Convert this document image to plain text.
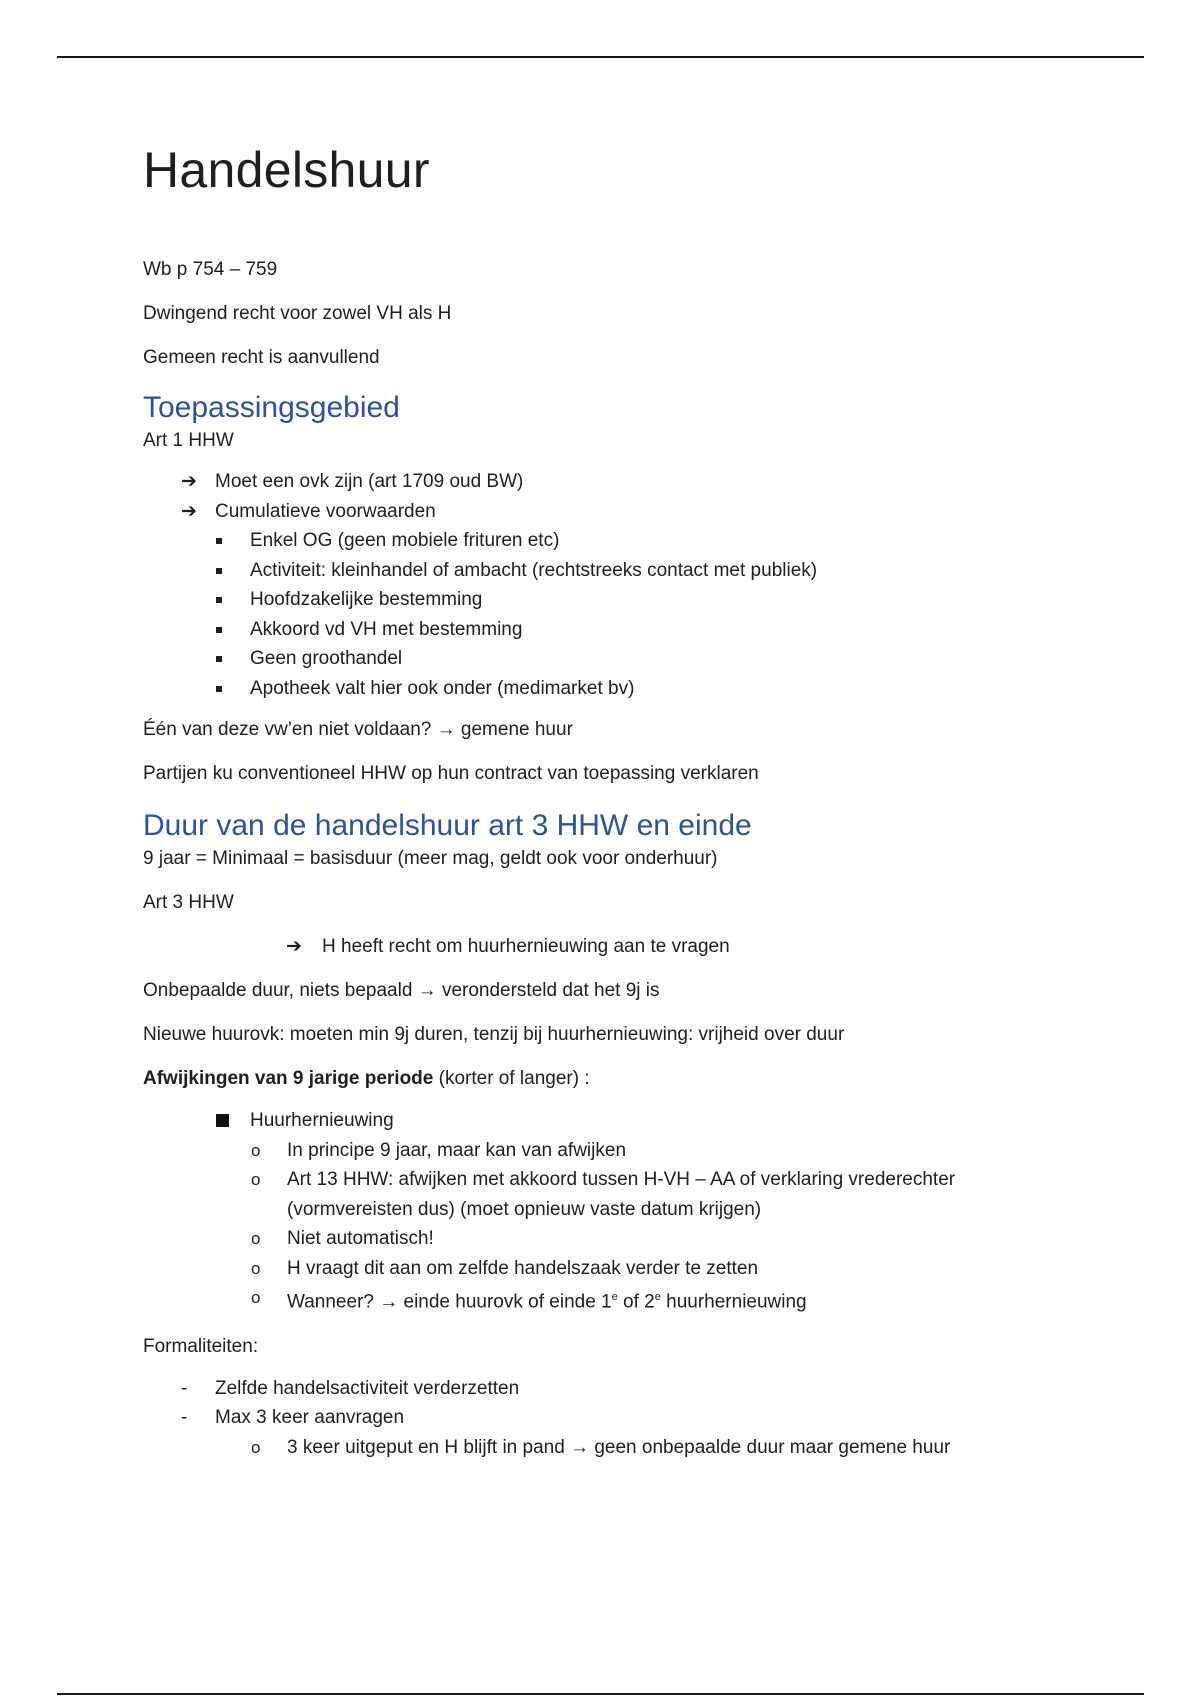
Handelshuur

Wb p 754 – 759

Dwingend recht voor zowel VH als H

Gemeen recht is aanvullend

Toepassingsgebied

Art 1 HHW

➔ Moet een ovk zijn (art 1709 oud BW)
➔ Cumulatieve voorwaarden
Enkel OG (geen mobiele frituren etc)
Activiteit: kleinhandel of ambacht (rechtstreeks contact met publiek)
Hoofdzakelijke bestemming
Akkoord vd VH met bestemming
Geen groothandel
Apotheek valt hier ook onder (medimarket bv)

Één van deze vw’en niet voldaan? → gemene huur

Partijen ku conventioneel HHW op hun contract van toepassing verklaren

Duur van de handelshuur art 3 HHW en einde

9 jaar = Minimaal = basisduur (meer mag, geldt ook voor onderhuur)

Art 3 HHW

➔ H heeft recht om huurhernieuwing aan te vragen

Onbepaalde duur, niets bepaald → verondersteld dat het 9j is

Nieuwe huurovk: moeten min 9j duren, tenzij bij huurhernieuwing: vrijheid over duur

Afwijkingen van 9 jarige periode (korter of langer) :

Huurhernieuwing
o In principe 9 jaar, maar kan van afwijken
o Art 13 HHW: afwijken met akkoord tussen H-VH – AA of verklaring vrederechter (vormvereisten dus) (moet opnieuw vaste datum krijgen)
o Niet automatisch!
o H vraagt dit aan om zelfde handelszaak verder te zetten
o Wanneer? → einde huurovk of einde 1e of 2e huurhernieuwing

Formaliteiten:

- Zelfde handelsactiviteit verderzetten
- Max 3 keer aanvragen
o 3 keer uitgeput en H blijft in pand → geen onbepaalde duur maar gemene huur
